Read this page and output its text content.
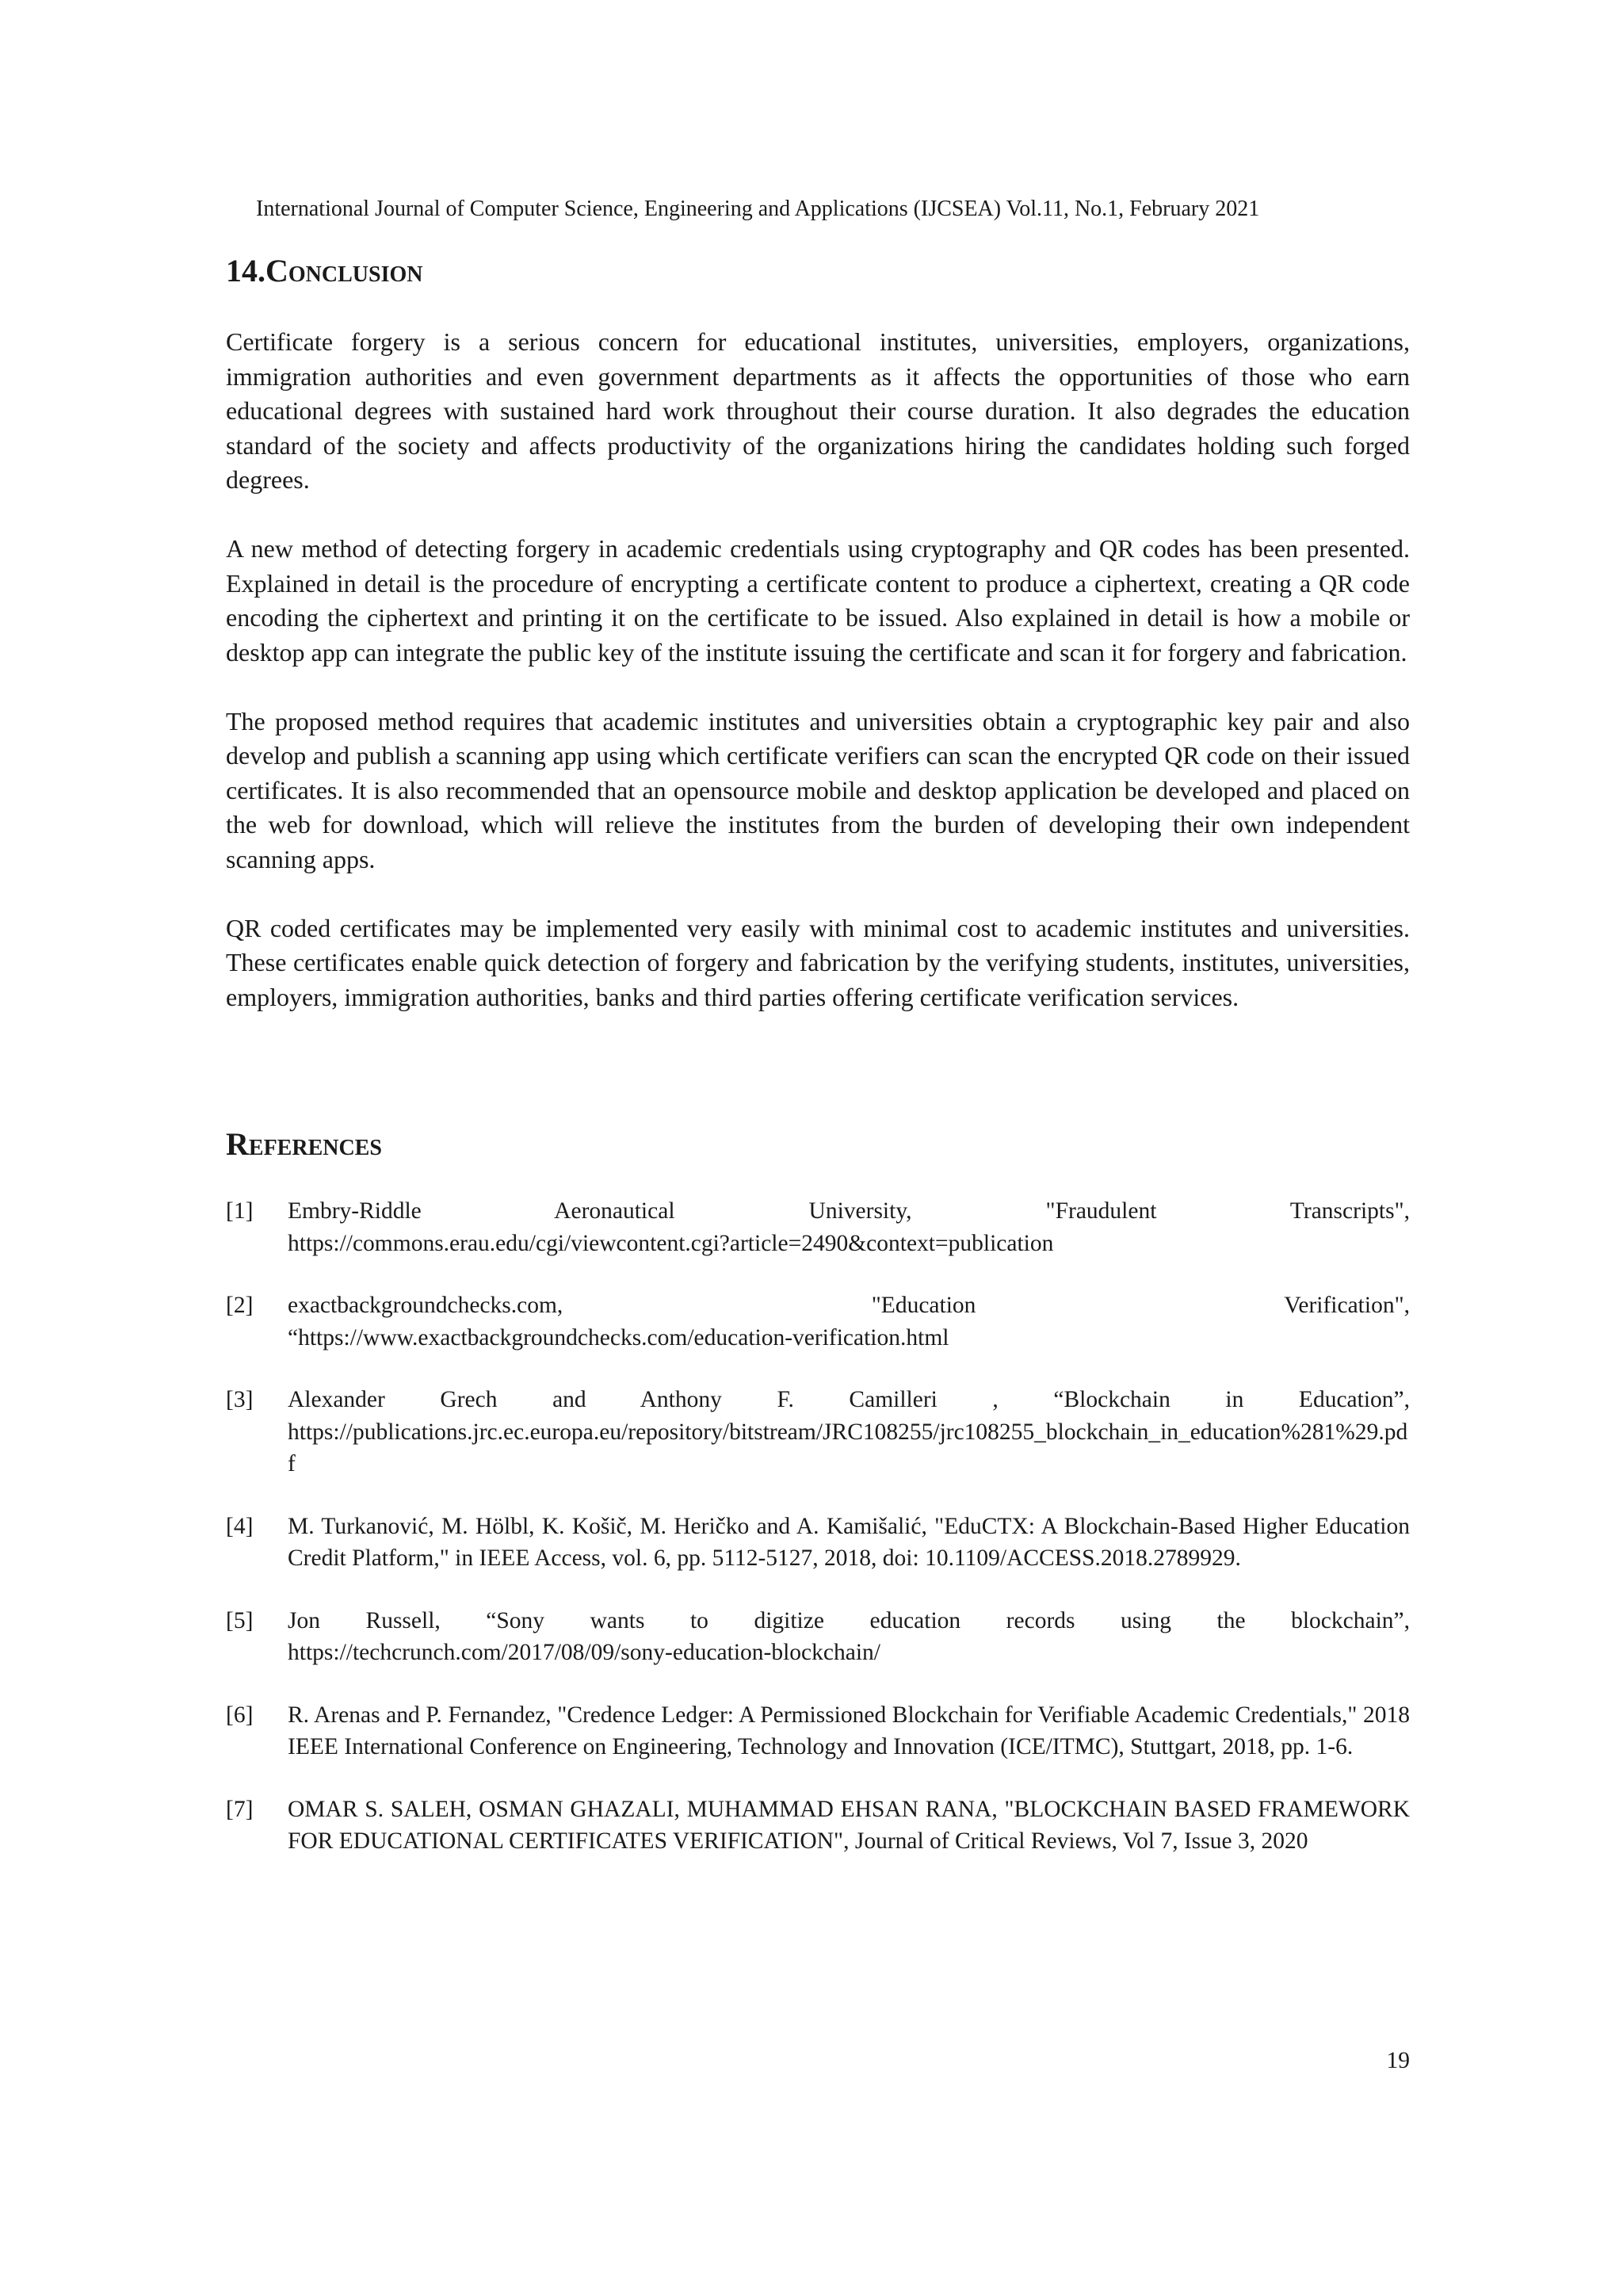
International Journal of Computer Science, Engineering and Applications (IJCSEA) Vol.11, No.1, February 2021
14.Conclusion

Certificate forgery is a serious concern for educational institutes, universities, employers, organizations, immigration authorities and even government departments as it affects the opportunities of those who earn educational degrees with sustained hard work throughout their course duration. It also degrades the education standard of the society and affects productivity of the organizations hiring the candidates holding such forged degrees.

A new method of detecting forgery in academic credentials using cryptography and QR codes has been presented. Explained in detail is the procedure of encrypting a certificate content to produce a ciphertext, creating a QR code encoding the ciphertext and printing it on the certificate to be issued. Also explained in detail is how a mobile or desktop app can integrate the public key of the institute issuing the certificate and scan it for forgery and fabrication.

The proposed method requires that academic institutes and universities obtain a cryptographic key pair and also develop and publish a scanning app using which certificate verifiers can scan the encrypted QR code on their issued certificates. It is also recommended that an opensource mobile and desktop application be developed and placed on the web for download, which will relieve the institutes from the burden of developing their own independent scanning apps.

QR coded certificates may be implemented very easily with minimal cost to academic institutes and universities. These certificates enable quick detection of forgery and fabrication by the verifying students, institutes, universities, employers, immigration authorities, banks and third parties offering certificate verification services.

References
[1] Embry-Riddle Aeronautical University, "Fraudulent Transcripts",
https://commons.erau.edu/cgi/viewcontent.cgi?article=2490&context=publication
[2] exactbackgroundchecks.com, "Education Verification",
“https://www.exactbackgroundchecks.com/education-verification.html
[3] Alexander Grech and Anthony F. Camilleri , “Blockchain in Education”,
https://publications.jrc.ec.europa.eu/repository/bitstream/JRC108255/jrc108255_blockchain_in_education%281%29.pdf
[4] M. Turkanović, M. Hölbl, K. Košič, M. Heričko and A. Kamišalić, "EduCTX: A Blockchain-Based Higher Education Credit Platform," in IEEE Access, vol. 6, pp. 5112-5127, 2018, doi: 10.1109/ACCESS.2018.2789929.
[5] Jon Russell, “Sony wants to digitize education records using the blockchain”,
https://techcrunch.com/2017/08/09/sony-education-blockchain/
[6] R. Arenas and P. Fernandez, "Credence Ledger: A Permissioned Blockchain for Verifiable Academic Credentials," 2018 IEEE International Conference on Engineering, Technology and Innovation (ICE/ITMC), Stuttgart, 2018, pp. 1-6.
[7] OMAR S. SALEH, OSMAN GHAZALI, MUHAMMAD EHSAN RANA, "BLOCKCHAIN BASED FRAMEWORK FOR EDUCATIONAL CERTIFICATES VERIFICATION", Journal of Critical Reviews, Vol 7, Issue 3, 2020
19
